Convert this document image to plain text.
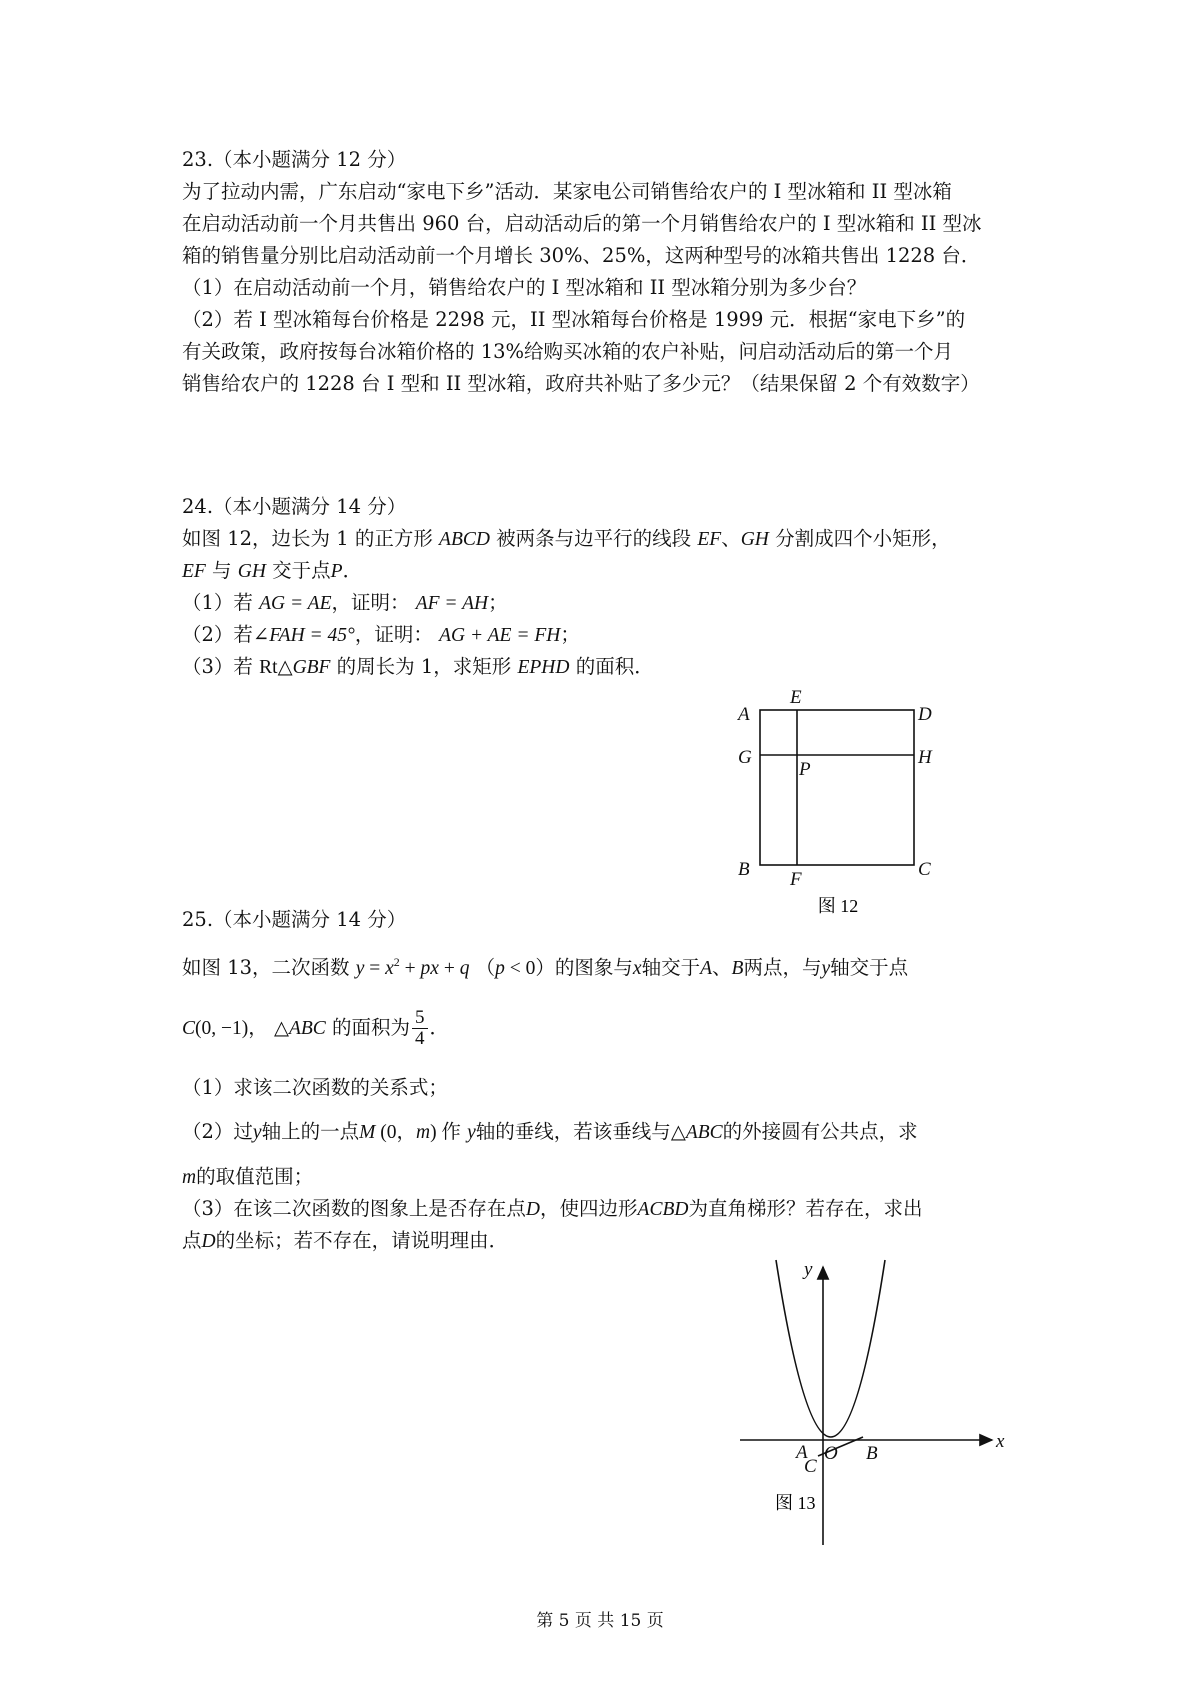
23.（本小题满分 12 分）
为了拉动内需，广东启动“家电下乡”活动．某家电公司销售给农户的 I 型冰箱和 II 型冰箱
在启动活动前一个月共售出 960 台，启动活动后的第一个月销售给农户的 I 型冰箱和 II 型冰
箱的销售量分别比启动活动前一个月增长 30%、25%，这两种型号的冰箱共售出 1228 台．
（1）在启动活动前一个月，销售给农户的 I 型冰箱和 II 型冰箱分别为多少台？
（2）若 I 型冰箱每台价格是 2298 元，II 型冰箱每台价格是 1999 元．根据“家电下乡”的
有关政策，政府按每台冰箱价格的 13%给购买冰箱的农户补贴，问启动活动后的第一个月
销售给农户的 1228 台 I 型和 II 型冰箱，政府共补贴了多少元？（结果保留 2 个有效数字）
24.（本小题满分 14 分）
如图 12，边长为 1 的正方形 ABCD 被两条与边平行的线段 EF、GH 分割成四个小矩形，
EF 与 GH 交于点P．
（1）若 AG = AE，证明： AF = AH；
（2）若∠FAH = 45°，证明： AG + AE = FH；
（3）若 Rt△GBF 的周长为 1，求矩形 EPHD 的面积．
A
E
D
G
P
H
B F	C
图 12
25.（本小题满分 14 分）
如图 13，二次函数 $y = x^2$ + px + q （p < 0）的图象与x轴交于A、B两点，与y轴交于点
C(0, −1)， △ABC 的面积为 $\frac{5}{4}$ ．
（1）求该二次函数的关系式；
（2）过y轴上的一点M (0，m) 作 y轴的垂线，若该垂线与△ABC的外接圆有公共点，求
m的取值范围；
（3）在该二次函数的图象上是否存在点D，使四边形ACBD为直角梯形？若存在，求出
点D的坐标；若不存在，请说明理由．
y
x
A O B
C
图 13
第 5 页 共 15 页
